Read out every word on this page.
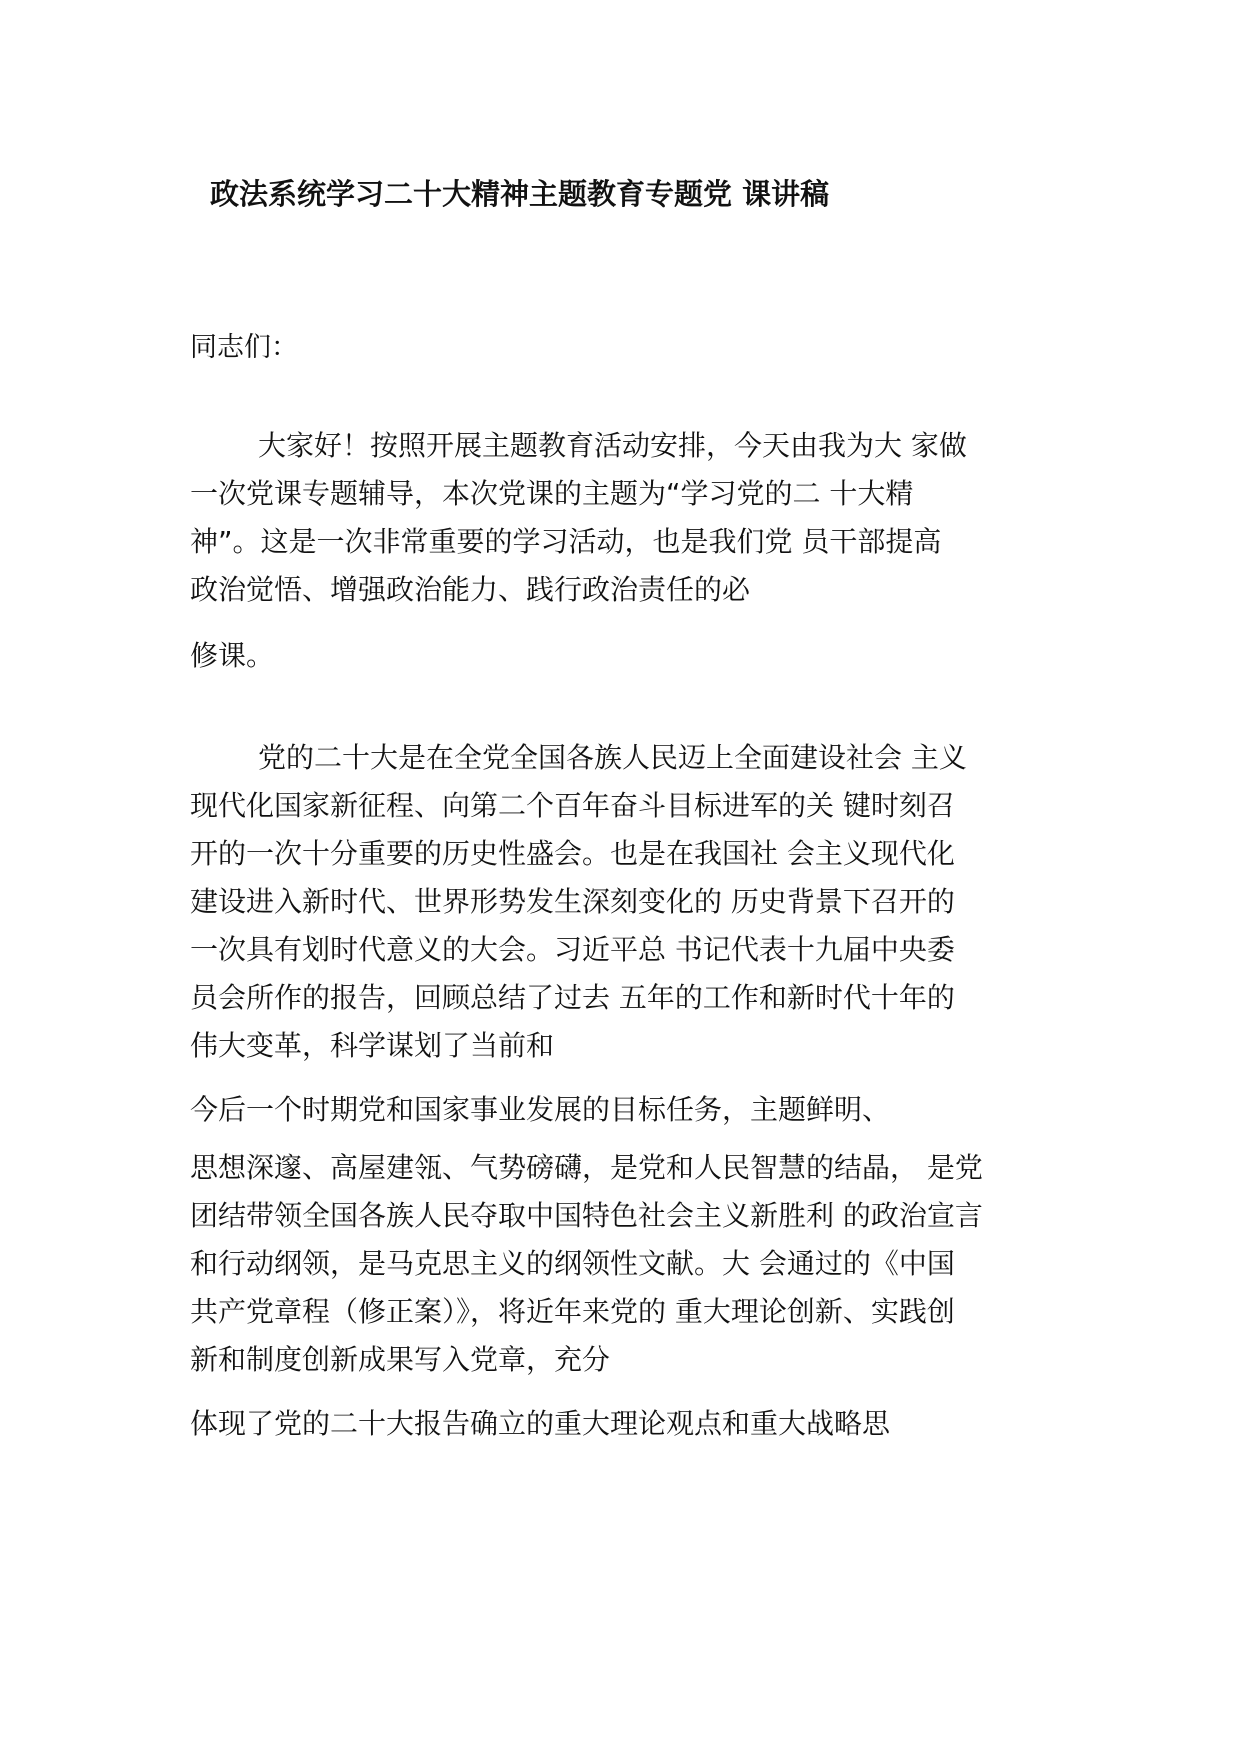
政法系统学习二十大精神主题教育专题党 课讲稿
同志们：
大家好！按照开展主题教育活动安排，今天由我为大 家做
一次党课专题辅导，本次党课的主题为“学习党的二 十大精
神”。这是一次非常重要的学习活动，也是我们党 员干部提高
政治觉悟、增强政治能力、践行政治责任的必
修课。
党的二十大是在全党全国各族人民迈上全面建设社会 主义
现代化国家新征程、向第二个百年奋斗目标进军的关 键时刻召
开的一次十分重要的历史性盛会。也是在我国社 会主义现代化
建设进入新时代、世界形势发生深刻变化的 历史背景下召开的
一次具有划时代意义的大会。习近平总 书记代表十九届中央委
员会所作的报告，回顾总结了过去 五年的工作和新时代十年的
伟大变革，科学谋划了当前和
今后一个时期党和国家事业发展的目标任务，主题鲜明、
思想深邃、高屋建瓴、气势磅礴，是党和人民智慧的结晶， 是党
团结带领全国各族人民夺取中国特色社会主义新胜利 的政治宣言
和行动纲领，是马克思主义的纲领性文献。大 会通过的《中国
共产党章程（修正案）》，将近年来党的 重大理论创新、实践创
新和制度创新成果写入党章，充分
体现了党的二十大报告确立的重大理论观点和重大战略思
